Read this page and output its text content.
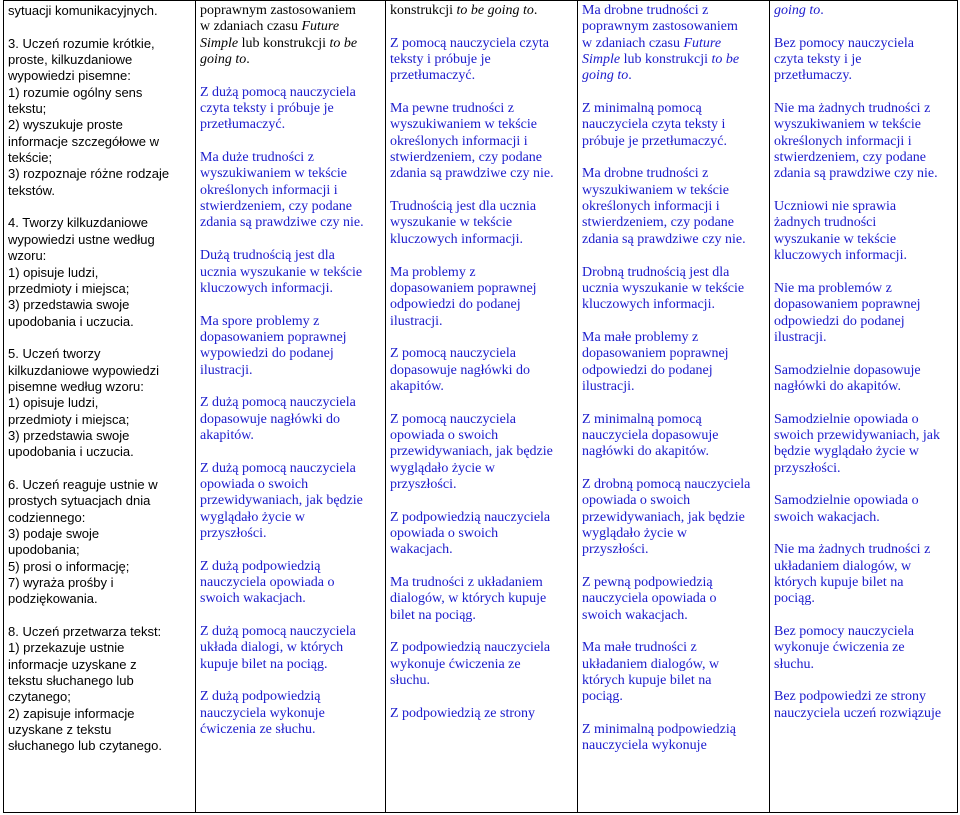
sytuacji komunikacyjnych.
3. Uczeń rozumie krótkie,
proste, kilkuzdaniowe
wypowiedzi pisemne:
1) rozumie ogólny sens
tekstu;
2) wyszukuje proste
informacje szczegółowe w
tekście;
3) rozpoznaje różne rodzaje
tekstów.
4. Tworzy kilkuzdaniowe
wypowiedzi ustne według
wzoru:
1) opisuje ludzi,
przedmioty i miejsca;
3) przedstawia swoje
upodobania i uczucia.
5. Uczeń tworzy
kilkuzdaniowe wypowiedzi
pisemne według wzoru:
1) opisuje ludzi,
przedmioty i miejsca;
3) przedstawia swoje
upodobania i uczucia.
6. Uczeń reaguje ustnie w
prostych sytuacjach dnia
codziennego:
3) podaje swoje
upodobania;
5) prosi o informację;
7) wyraża prośby i
podziękowania.
8. Uczeń przetwarza tekst:
1) przekazuje ustnie
informacje uzyskane z
tekstu słuchanego lub
czytanego;
2) zapisuje informacje
uzyskane z tekstu
słuchanego lub czytanego.

poprawnym zastosowaniem
w zdaniach czasu Future
Simple lub konstrukcji to be
going to.
Z dużą pomocą nauczyciela
czyta teksty i próbuje je
przetłumaczyć.
Ma duże trudności z
wyszukiwaniem w tekście
określonych informacji i
stwierdzeniem, czy podane
zdania są prawdziwe czy nie.
Dużą trudnością jest dla
ucznia wyszukanie w tekście
kluczowych informacji.
Ma spore problemy z
dopasowaniem poprawnej
wypowiedzi do podanej
ilustracji.
Z dużą pomocą nauczyciela
dopasowuje nagłówki do
akapitów.
Z dużą pomocą nauczyciela
opowiada o swoich
przewidywaniach, jak będzie
wyglądało życie w
przyszłości.
Z dużą podpowiedzią
nauczyciela opowiada o
swoich wakacjach.
Z dużą pomocą nauczyciela
układa dialogi, w których
kupuje bilet na pociąg.
Z dużą podpowiedzią
nauczyciela wykonuje
ćwiczenia ze słuchu.

konstrukcji to be going to.
Z pomocą nauczyciela czyta
teksty i próbuje je
przetłumaczyć.
Ma pewne trudności z
wyszukiwaniem w tekście
określonych informacji i
stwierdzeniem, czy podane
zdania są prawdziwe czy nie.
Trudnością jest dla ucznia
wyszukanie w tekście
kluczowych informacji.
Ma problemy z
dopasowaniem poprawnej
odpowiedzi do podanej
ilustracji.
Z pomocą nauczyciela
dopasowuje nagłówki do
akapitów.
Z pomocą nauczyciela
opowiada o swoich
przewidywaniach, jak będzie
wyglądało życie w
przyszłości.
Z podpowiedzią nauczyciela
opowiada o swoich
wakacjach.
Ma trudności z układaniem
dialogów, w których kupuje
bilet na pociąg.
Z podpowiedzią nauczyciela
wykonuje ćwiczenia ze
słuchu.
Z podpowiedzią ze strony

Ma drobne trudności z
poprawnym zastosowaniem
w zdaniach czasu Future
Simple lub konstrukcji to be
going to.
Z minimalną pomocą
nauczyciela czyta teksty i
próbuje je przetłumaczyć.
Ma drobne trudności z
wyszukiwaniem w tekście
określonych informacji i
stwierdzeniem, czy podane
zdania są prawdziwe czy nie.
Drobną trudnością jest dla
ucznia wyszukanie w tekście
kluczowych informacji.
Ma małe problemy z
dopasowaniem poprawnej
odpowiedzi do podanej
ilustracji.
Z minimalną pomocą
nauczyciela dopasowuje
nagłówki do akapitów.
Z drobną pomocą nauczyciela
opowiada o swoich
przewidywaniach, jak będzie
wyglądało życie w
przyszłości.
Z pewną podpowiedzią
nauczyciela opowiada o
swoich wakacjach.
Ma małe trudności z
układaniem dialogów, w
których kupuje bilet na
pociąg.
Z minimalną podpowiedzią
nauczyciela wykonuje

going to.
Bez pomocy nauczyciela
czyta teksty i je
przetłumaczy.
Nie ma żadnych trudności z
wyszukiwaniem w tekście
określonych informacji i
stwierdzeniem, czy podane
zdania są prawdziwe czy nie.
Uczniowi nie sprawia
żadnych trudności
wyszukanie w tekście
kluczowych informacji.
Nie ma problemów z
dopasowaniem poprawnej
odpowiedzi do podanej
ilustracji.
Samodzielnie dopasowuje
nagłówki do akapitów.
Samodzielnie opowiada o
swoich przewidywaniach, jak
będzie wyglądało życie w
przyszłości.
Samodzielnie opowiada o
swoich wakacjach.
Nie ma żadnych trudności z
układaniem dialogów, w
których kupuje bilet na
pociąg.
Bez pomocy nauczyciela
wykonuje ćwiczenia ze
słuchu.
Bez podpowiedzi ze strony
nauczyciela uczeń rozwiązuje
